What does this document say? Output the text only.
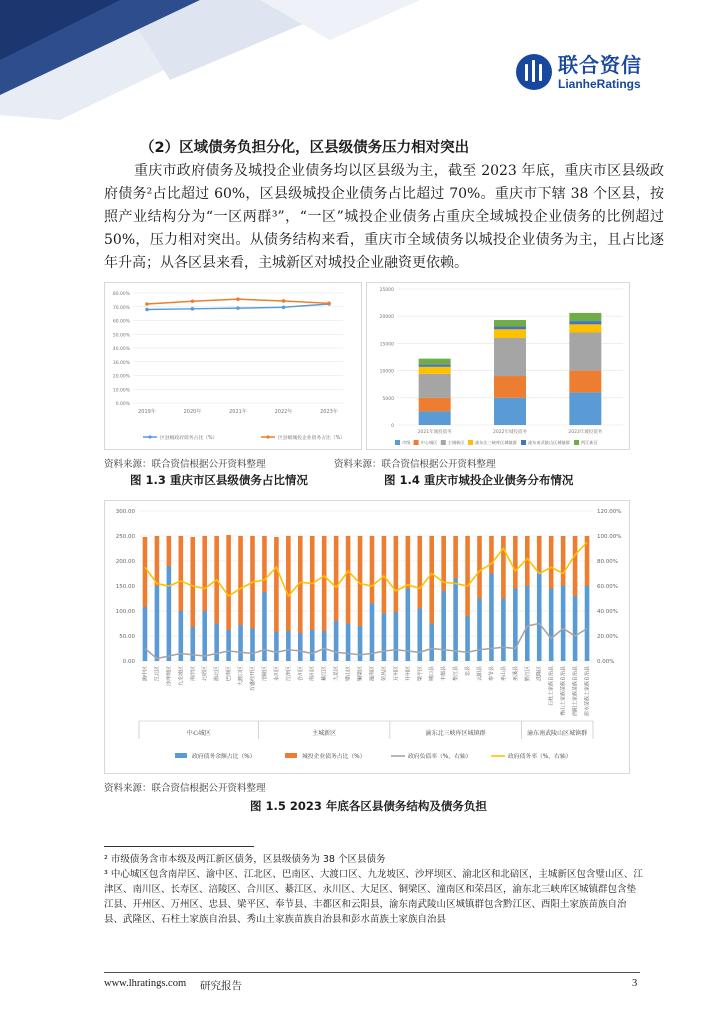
联合资信
LianheRatings
（2）区域债务负担分化，区县级债务压力相对突出
重庆市政府债务及城投企业债务均以区县级为主，截至 2023 年底，重庆市区县级政府债务²占比超过 60%，区县级城投企业债务占比超过 70%。重庆市下辖 38 个区县，按照产业结构分为“一区两群³”，“一区”城投企业债务占重庆全域城投企业债务的比例超过 50%，压力相对突出。从债务结构来看，重庆市全域债务以城投企业债务为主，且占比逐年升高；从各区县来看，主城新区对城投企业融资更依赖。
0.00%
10.00%
20.00%
30.00%
40.00%
50.00%
60.00%
70.00%
80.00%
2019年	2020年	2021年	2022年	2023年
区县级政府债务占比（%）	区县级城投企业债务占比（%）
资料来源：联合资信根据公开资料整理
图 1.3 重庆市区县级债务占比情况
0
5000
10000
15000
20000
25000
2021年城投债务	2022年城投债务	2023年城投债务
市级 中心城区 主城新区 渝东北三峡库区城镇群	渝东南武陵山区城镇群	两江新区
资料来源：联合资信根据公开资料整理
图 1.4 重庆市城投企业债务分布情况
0.00
50.00
100.00
150.00
200.00
250.00
300.00
0.00%
20.00%
40.00%
60.00%
80.00%
100.00%
120.00%
渝中区 江北区 沙坪坝区 九龙坡区 南岸区 北碚区 渝北区 巴南区 大渡口区 万盛经开区 涪陵区 永川区 江津区 合川区 南川区 綦江区 大足区 璧山区 铜梁区 潼南区 荣昌区 万州区 开州区 梁平区 城口县 丰都县 垫江县 忠县 云阳县 奉节县 巫山县 巫溪县 黔江区 武隆区 石柱土家族自治县 秀山土家族苗族自治县 酉阳土家族苗族自治县 彭水苗族土家族自治县
中心城区	主城新区	渝东北三峡库区城镇群	渝东南武陵山区城镇群
政府债务余额占比（%）	城投企业债务占比（%）	政府负债率（%，右轴）	政府债务率（%，右轴）
资料来源：联合资信根据公开资料整理
图 1.5 2023 年底各区县债务结构及债务负担
² 市级债务含市本级及两江新区债务，区县级债务为 38 个区县债务
³ 中心城区包含南岸区、渝中区、江北区、巴南区、大渡口区、九龙坡区、沙坪坝区、渝北区和北碚区，主城新区包含璧山区、江津区、南川区、长寿区、涪陵区、合川区、綦江区、永川区、大足区、铜梁区、潼南区和荣昌区，渝东北三峡库区城镇群包含垫江县、开州区、万州区、忠县、梁平区、奉节县、丰都区和云阳县，渝东南武陵山区城镇群包含黔江区、酉阳土家族苗族自治县、武隆区、石柱土家族自治县、秀山土家族苗族自治县和彭水苗族土家族自治县
www.lhratings.com 研究报告	3
